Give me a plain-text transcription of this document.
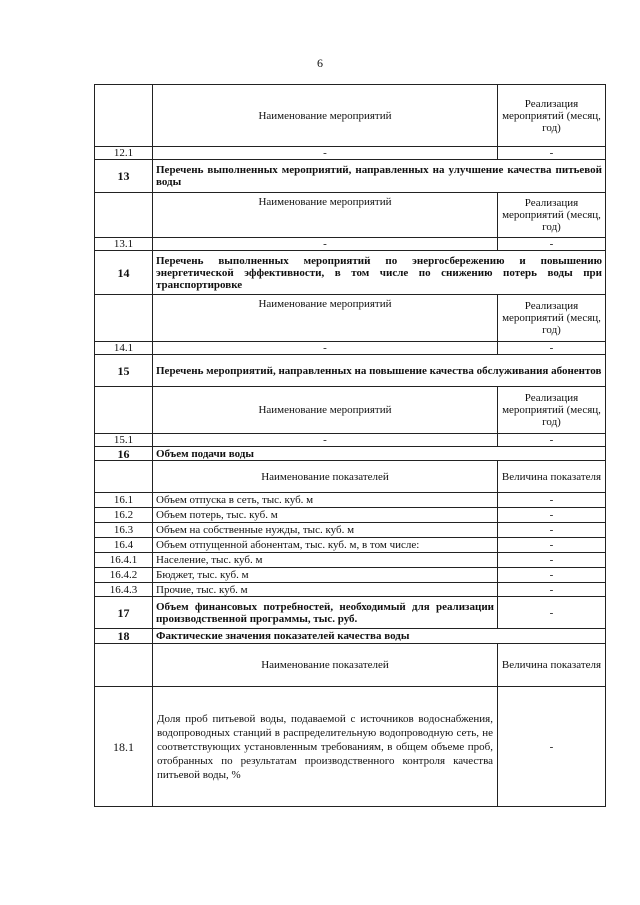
6
	Наименование мероприятий	Реализация мероприятий (месяц, год)
12.1	-	-
13	Перечень выполненных мероприятий, направленных на улучшение качества питьевой воды	
	Наименование мероприятий	Реализация мероприятий (месяц, год)
13.1	-	-
14	Перечень выполненных мероприятий по энергосбережению и повышению энергетической эффективности, в том числе по снижению потерь воды при транспортировке	
	Наименование мероприятий	Реализация мероприятий (месяц, год)
14.1	-	-
15	Перечень мероприятий, направленных на повышение качества обслуживания абонентов	
	Наименование мероприятий	Реализация мероприятий (месяц, год)
15.1	-	-
16	Объем подачи воды	
	Наименование показателей	Величина показателя
16.1	Объем отпуска в сеть, тыс. куб. м	-
16.2	Объем потерь, тыс. куб. м	-
16.3	Объем на собственные нужды, тыс. куб. м	-
16.4	Объем отпущенной абонентам, тыс. куб. м, в том числе:	-
16.4.1	Население, тыс. куб. м	-
16.4.2	Бюджет, тыс. куб. м	-
16.4.3	Прочие, тыс. куб. м	-
17	Объем финансовых потребностей, необходимый для реализации производственной программы, тыс. руб.	-
18	Фактические значения показателей качества воды	
	Наименование показателей	Величина показателя
18.1	Доля проб питьевой воды, подаваемой с источников водоснабжения, водопроводных станций в распределительную водопроводную сеть, не соответствующих установленным требованиям, в общем объеме проб, отобранных по результатам производственного контроля качества питьевой воды, %	-
